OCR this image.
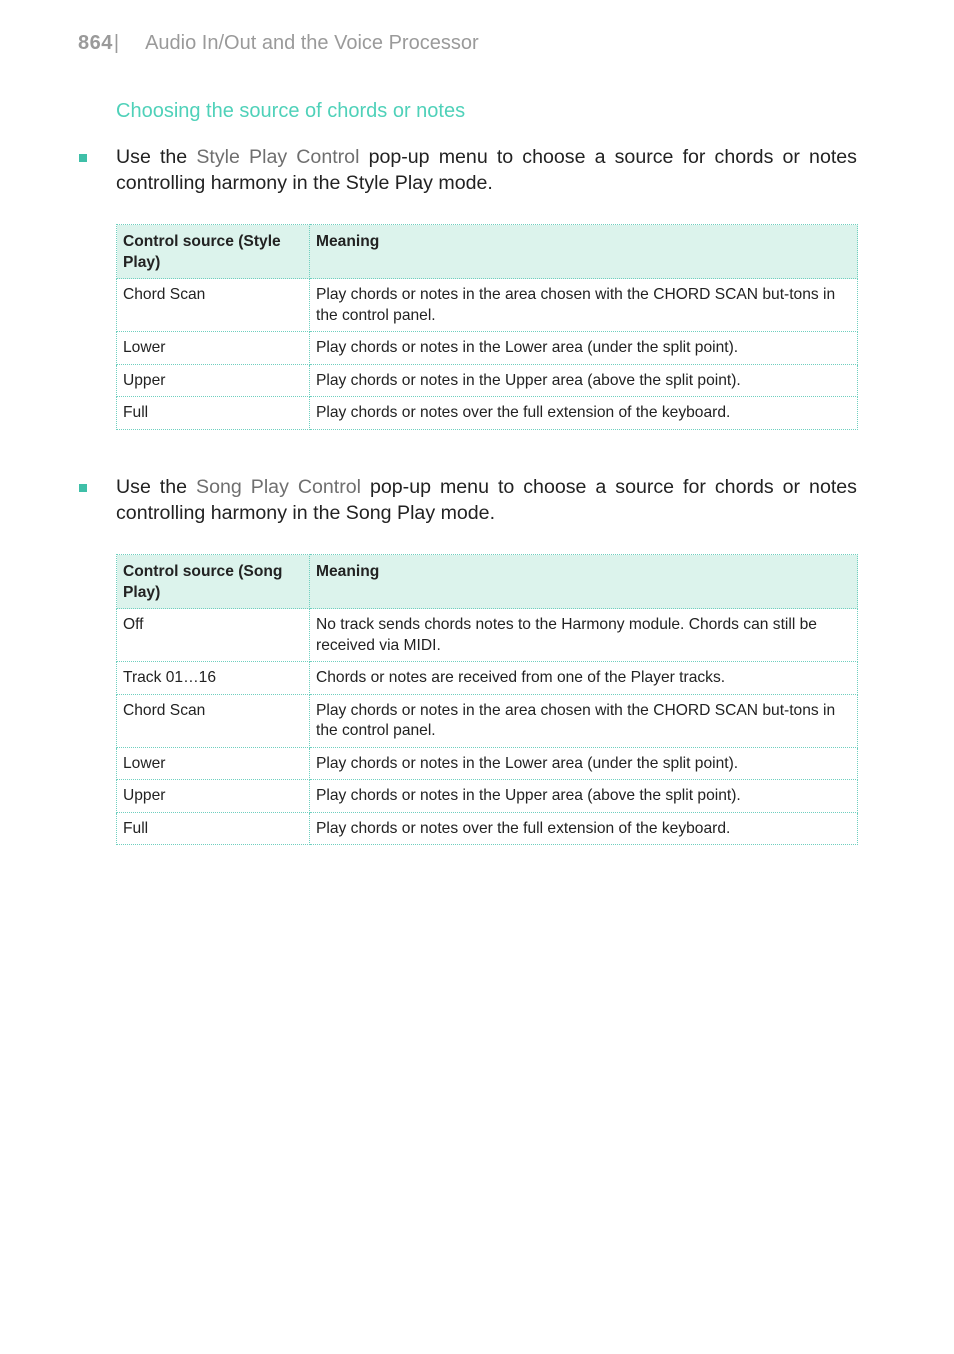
864| Audio In/Out and the Voice Processor
Choosing the source of chords or notes
Use the Style Play Control pop-up menu to choose a source for chords or notes controlling harmony in the Style Play mode.
Control source (Style Play)	Meaning
Chord Scan	Play chords or notes in the area chosen with the CHORD SCAN but-tons in the control panel.
Lower	Play chords or notes in the Lower area (under the split point).
Upper	Play chords or notes in the Upper area (above the split point).
Full	Play chords or notes over the full extension of the keyboard.
Use the Song Play Control pop-up menu to choose a source for chords or notes controlling harmony in the Song Play mode.
Control source (Song Play)	Meaning
Off	No track sends chords notes to the Harmony module. Chords can still be received via MIDI.
Track 01…16	Chords or notes are received from one of the Player tracks.
Chord Scan	Play chords or notes in the area chosen with the CHORD SCAN but-tons in the control panel.
Lower	Play chords or notes in the Lower area (under the split point).
Upper	Play chords or notes in the Upper area (above the split point).
Full	Play chords or notes over the full extension of the keyboard.
